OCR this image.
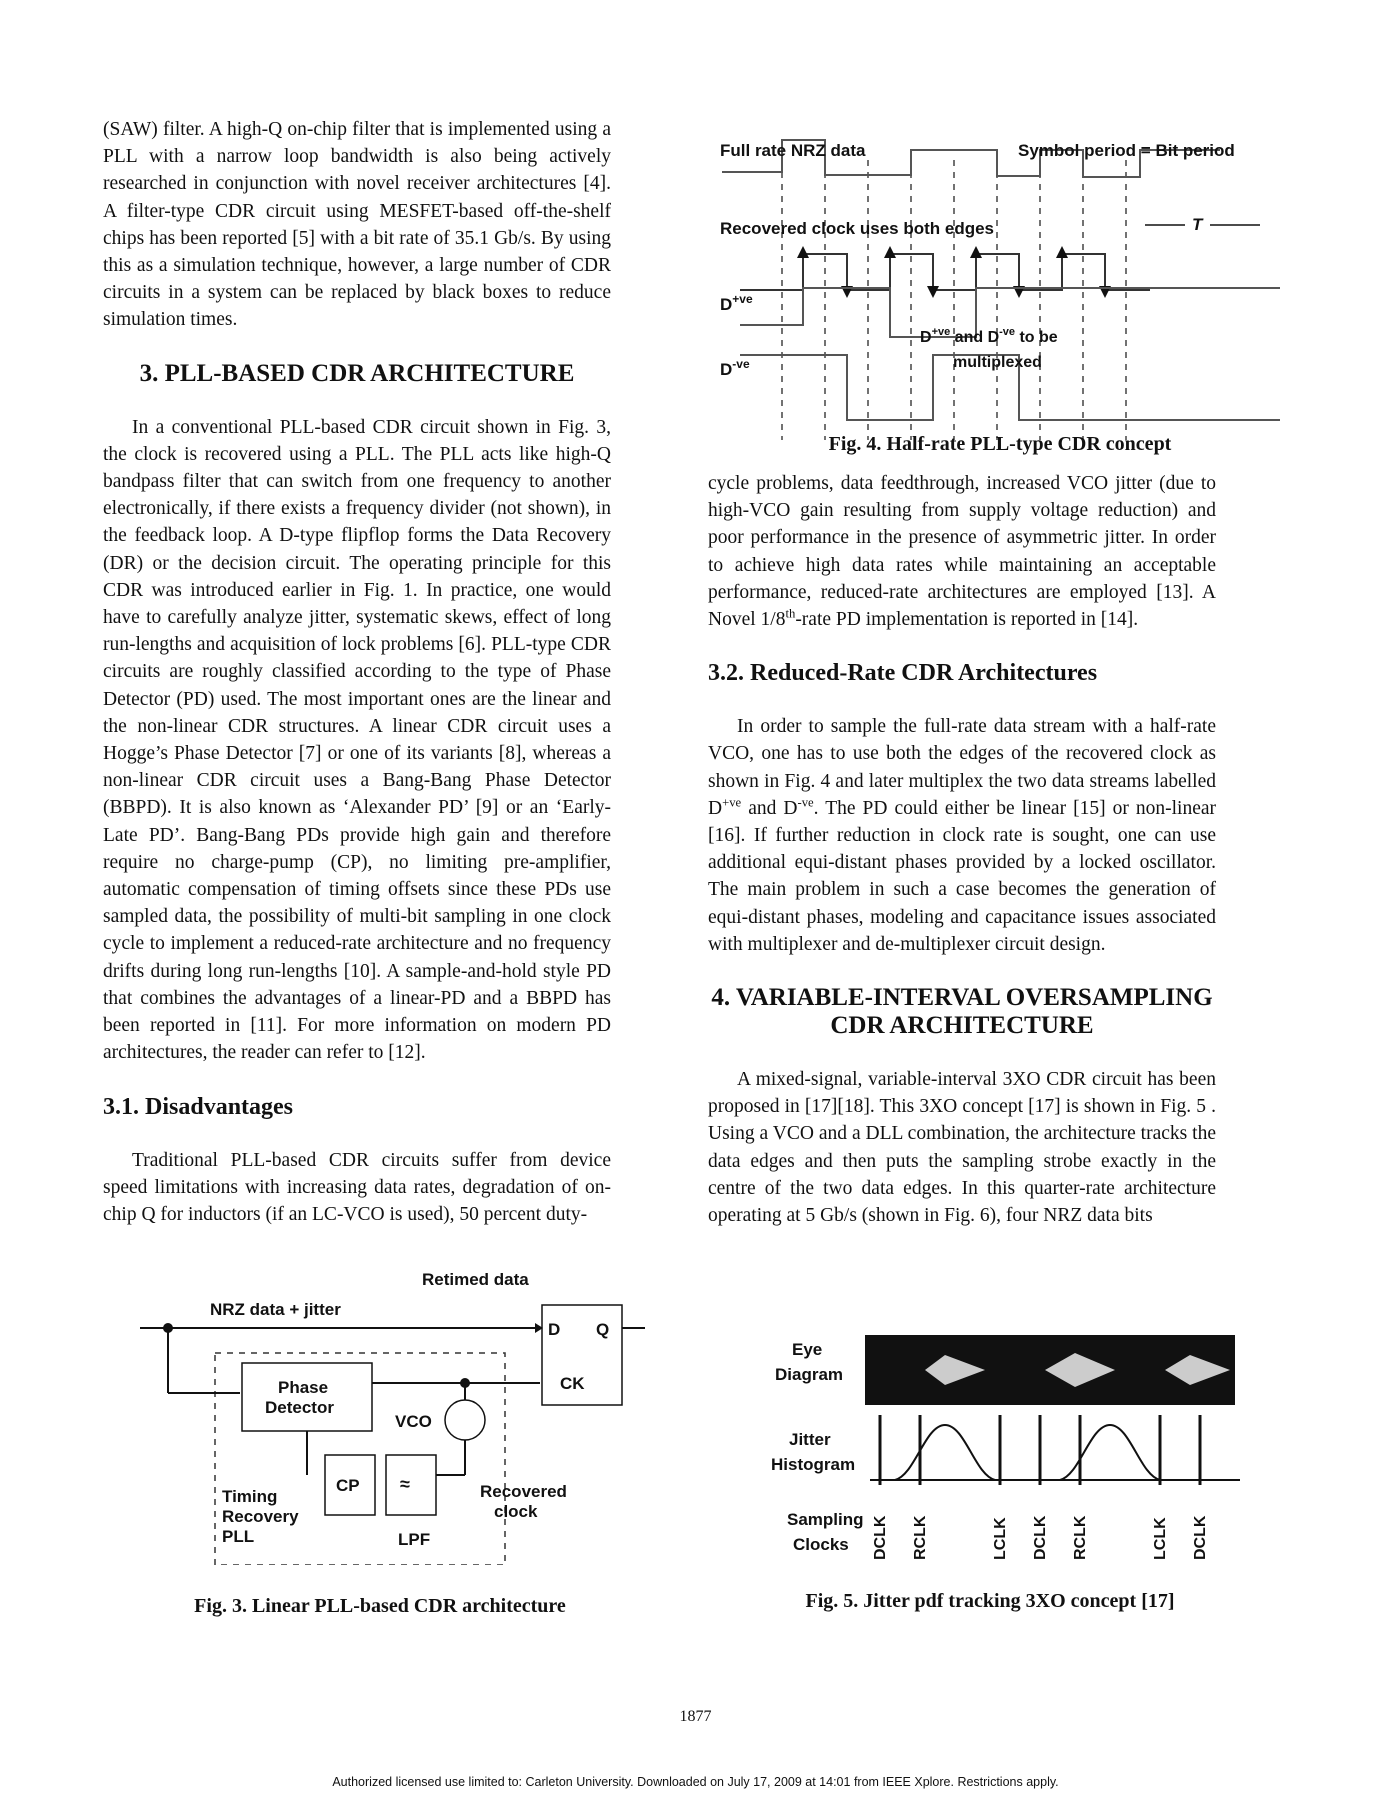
(SAW) filter. A high-Q on-chip filter that is implemented using a PLL with a narrow loop bandwidth is also being actively researched in conjunction with novel receiver architectures [4]. A filter-type CDR circuit using MESFET-based off-the-shelf chips has been reported [5] with a bit rate of 35.1 Gb/s. By using this as a simulation technique, however, a large number of CDR circuits in a system can be replaced by black boxes to reduce simulation times.

3. PLL-BASED CDR ARCHITECTURE

In a conventional PLL-based CDR circuit shown in Fig. 3, the clock is recovered using a PLL. The PLL acts like high-Q bandpass filter that can switch from one frequency to another electronically, if there exists a frequency divider (not shown), in the feedback loop. A D-type flipflop forms the Data Recovery (DR) or the decision circuit. The operating principle for this CDR was introduced earlier in Fig. 1. In practice, one would have to carefully analyze jitter, systematic skews, effect of long run-lengths and acquisition of lock problems [6]. PLL-type CDR circuits are roughly classified according to the type of Phase Detector (PD) used. The most important ones are the linear and the non-linear CDR structures. A linear CDR circuit uses a Hogge’s Phase Detector [7] or one of its variants [8], whereas a non-linear CDR circuit uses a Bang-Bang Phase Detector (BBPD). It is also known as ‘Alexander PD’ [9] or an ‘Early-Late PD’. Bang-Bang PDs provide high gain and therefore require no charge-pump (CP), no limiting pre-amplifier, automatic compensation of timing offsets since these PDs use sampled data, the possibility of multi-bit sampling in one clock cycle to implement a reduced-rate architecture and no frequency drifts during long run-lengths [10]. A sample-and-hold style PD that combines the advantages of a linear-PD and a BBPD has been reported in [11]. For more information on modern PD architectures, the reader can refer to [12].

3.1. Disadvantages

Traditional PLL-based CDR circuits suffer from device speed limitations with increasing data rates, degradation of on-chip Q for inductors (if an LC-VCO is used), 50 percent duty-

Full rate NRZ data	Symbol period = Bit period
Recovered clock uses both edges	T
$D^{+ve}$
$D^{-ve}$
$D^{+ve}$ and $D^{-ve}$ to be
multiplexed
Fig. 4. Half-rate PLL-type CDR concept

cycle problems, data feedthrough, increased VCO jitter (due to high-VCO gain resulting from supply voltage reduction) and poor performance in the presence of asymmetric jitter. In order to achieve high data rates while maintaining an acceptable performance, reduced-rate architectures are employed [13]. A Novel 1/8th-rate PD implementation is reported in [14].

3.2. Reduced-Rate CDR Architectures

In order to sample the full-rate data stream with a half-rate VCO, one has to use both the edges of the recovered clock as shown in Fig. 4 and later multiplex the two data streams labelled $D^{+ve}$ and $D^{-ve}$. The PD could either be linear [15] or non-linear [16]. If further reduction in clock rate is sought, one can use additional equi-distant phases provided by a locked oscillator. The main problem in such a case becomes the generation of equi-distant phases, modeling and capacitance issues associated with multiplexer and de-multiplexer circuit design.

4. VARIABLE-INTERVAL OVERSAMPLING
CDR ARCHITECTURE

A mixed-signal, variable-interval 3XO CDR circuit has been proposed in [17][18]. This 3XO concept [17] is shown in Fig. 5 . Using a VCO and a DLL combination, the architecture tracks the data edges and then puts the sampling strobe exactly in the centre of the two data edges. In this quarter-rate architecture operating at 5 Gb/s (shown in Fig. 6), four NRZ data bits

Retimed data
NRZ data + jitter
D Q
CK
Phase
Detector
VCO
CP ≈
LPF
Recovered
clock
Timing
Recovery
PLL
Fig. 3. Linear PLL-based CDR architecture
Eye
Diagram
Jitter
Histogram
Sampling
Clocks DCLK RCLK	LCLK DCLK RCLK	LCLK DCLK
Fig. 5. Jitter pdf tracking 3XO concept [17]
1877
Authorized licensed use limited to: Carleton University. Downloaded on July 17, 2009 at 14:01 from IEEE Xplore. Restrictions apply.
